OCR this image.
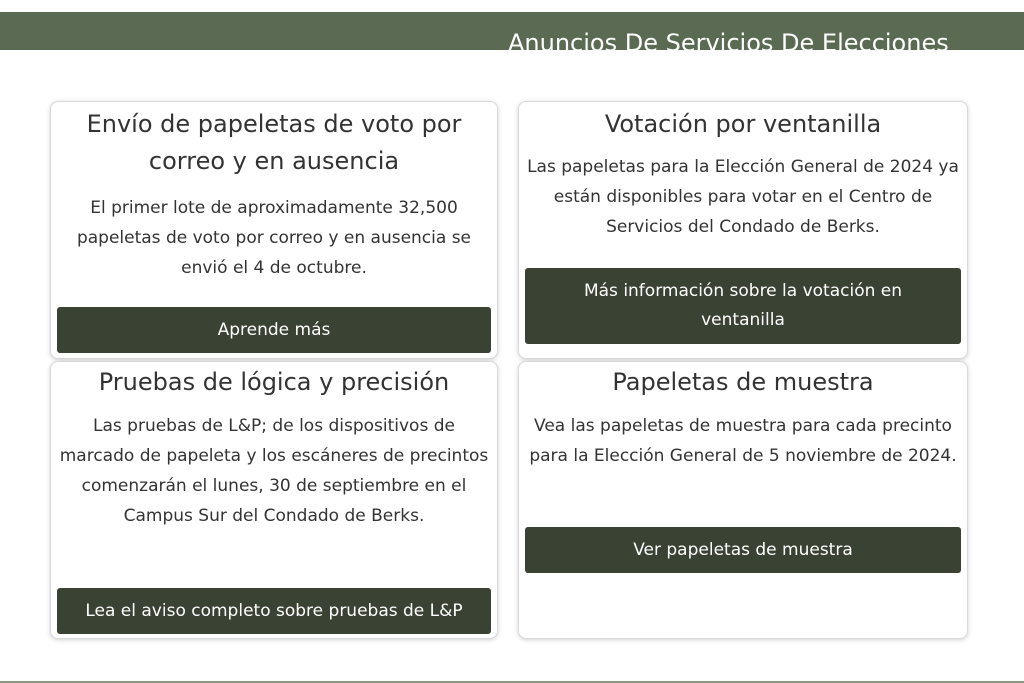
Anuncios De Servicios De Elecciones
Envío de papeletas de voto por correo y en ausencia

El primer lote de aproximadamente 32,500 papeletas de voto por correo y en ausencia se envió el 4 de octubre.

Aprende más
Votación por ventanilla

Las papeletas para la Elección General de 2024 ya están disponibles para votar en el Centro de Servicios del Condado de Berks.

Más información sobre la votación en ventanilla
Pruebas de lógica y precisión

Las pruebas de L&P; de los dispositivos de marcado de papeleta y los escáneres de precintos comenzarán el lunes, 30 de septiembre en el Campus Sur del Condado de Berks.

Lea el aviso completo sobre pruebas de L&P
Papeletas de muestra

Vea las papeletas de muestra para cada precinto para la Elección General de 5 noviembre de 2024.

Ver papeletas de muestra
